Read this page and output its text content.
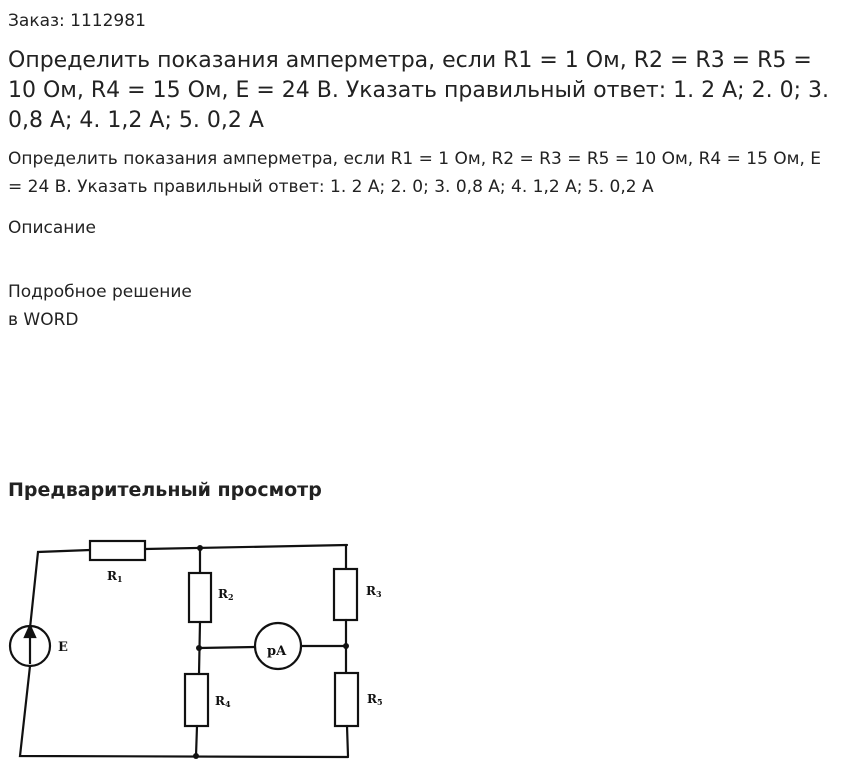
Заказ: 1112981

Определить показания амперметра, если R1 = 1 Ом, R2 = R3 = R5 = 10 Ом, R4 = 15 Ом, E = 24 В. Указать правильный ответ: 1. 2 А; 2. 0; 3. 0,8 А; 4. 1,2 А; 5. 0,2 А

Определить показания амперметра, если R1 = 1 Ом, R2 = R3 = R5 = 10 Ом, R4 = 15 Ом, E = 24 В. Указать правильный ответ: 1. 2 А; 2. 0; 3. 0,8 А; 4. 1,2 А; 5. 0,2 А

Описание

Подробное решение
в WORD

Предварительный просмотр
R1
R2	R3
R4	R5
E	pA
